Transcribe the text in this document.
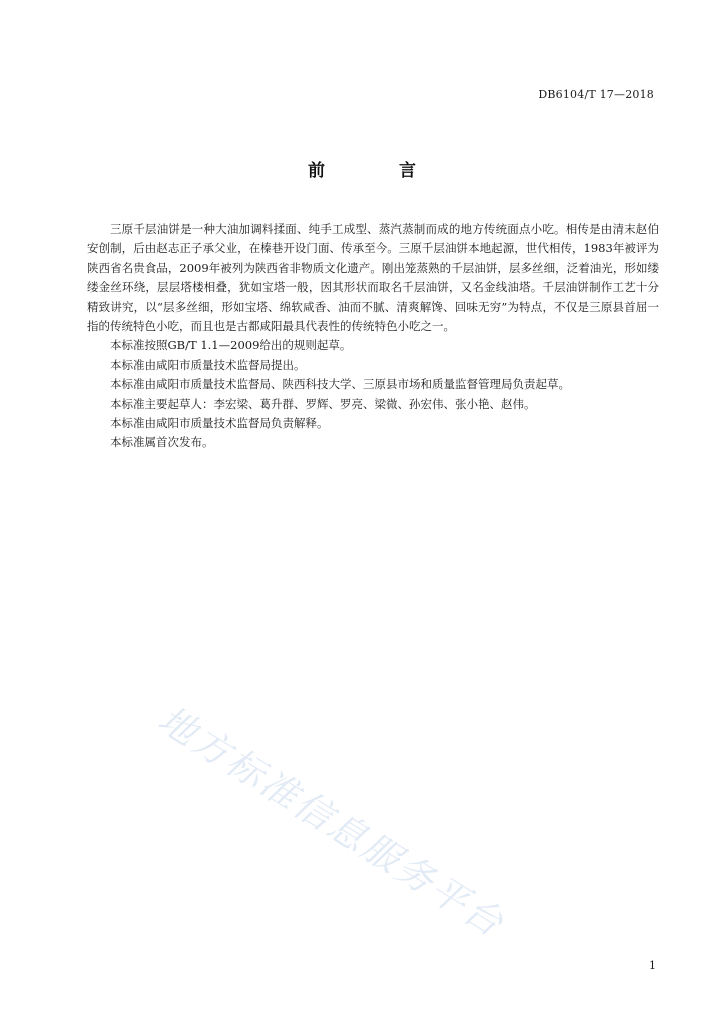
DB6104/T 17—2018
前 言

三原千层油饼是一种大油加调料揉面、纯手工成型、蒸汽蒸制而成的地方传统面点小吃。相传是由清末赵伯安创制，后由赵志正子承父业，在榛巷开设门面、传承至今。三原千层油饼本地起源，世代相传，1983年被评为陕西省名贵食品，2009年被列为陕西省非物质文化遗产。刚出笼蒸熟的千层油饼，层多丝细，泛着油光，形如缕缕金丝环绕，层层塔楼相叠，犹如宝塔一般，因其形状而取名千层油饼，又名金线油塔。千层油饼制作工艺十分精致讲究，以“层多丝细，形如宝塔、绵软咸香、油而不腻、清爽解馋、回味无穷”为特点，不仅是三原县首屈一指的传统特色小吃，而且也是古都咸阳最具代表性的传统特色小吃之一。

本标准按照GB/T 1.1—2009给出的规则起草。

本标准由咸阳市质量技术监督局提出。

本标准由咸阳市质量技术监督局、陕西科技大学、三原县市场和质量监督管理局负责起草。

本标准主要起草人：李宏梁、葛升群、罗辉、罗亮、梁微、孙宏伟、张小艳、赵伟。

本标准由咸阳市质量技术监督局负责解释。

本标准属首次发布。

地方标准信息服务平台
1
